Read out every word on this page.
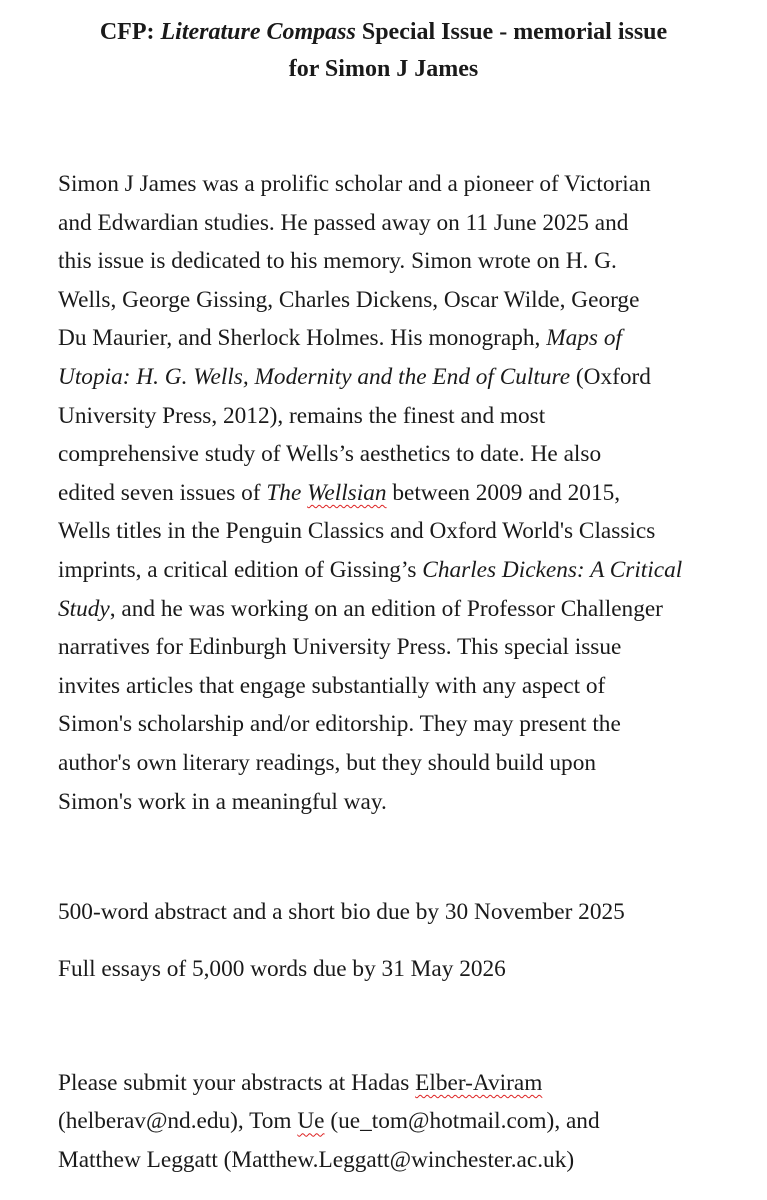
CFP: Literature Compass Special Issue - memorial issue
for Simon J James
Simon J James was a prolific scholar and a pioneer of Victorian
and Edwardian studies. He passed away on 11 June 2025 and
this issue is dedicated to his memory. Simon wrote on H. G.
Wells, George Gissing, Charles Dickens, Oscar Wilde, George
Du Maurier, and Sherlock Holmes. His monograph, Maps of
Utopia: H. G. Wells, Modernity and the End of Culture (Oxford
University Press, 2012), remains the finest and most
comprehensive study of Wells’s aesthetics to date. He also
edited seven issues of The Wellsian between 2009 and 2015,
Wells titles in the Penguin Classics and Oxford World's Classics
imprints, a critical edition of Gissing’s Charles Dickens: A Critical
Study, and he was working on an edition of Professor Challenger
narratives for Edinburgh University Press. This special issue
invites articles that engage substantially with any aspect of
Simon's scholarship and/or editorship. They may present the
author's own literary readings, but they should build upon
Simon's work in a meaningful way.
500-word abstract and a short bio due by 30 November 2025
Full essays of 5,000 words due by 31 May 2026
Please submit your abstracts at Hadas Elber-Aviram
(helberav@nd.edu), Tom Ue (ue_tom@hotmail.com), and
Matthew Leggatt (Matthew.Leggatt@winchester.ac.uk)
